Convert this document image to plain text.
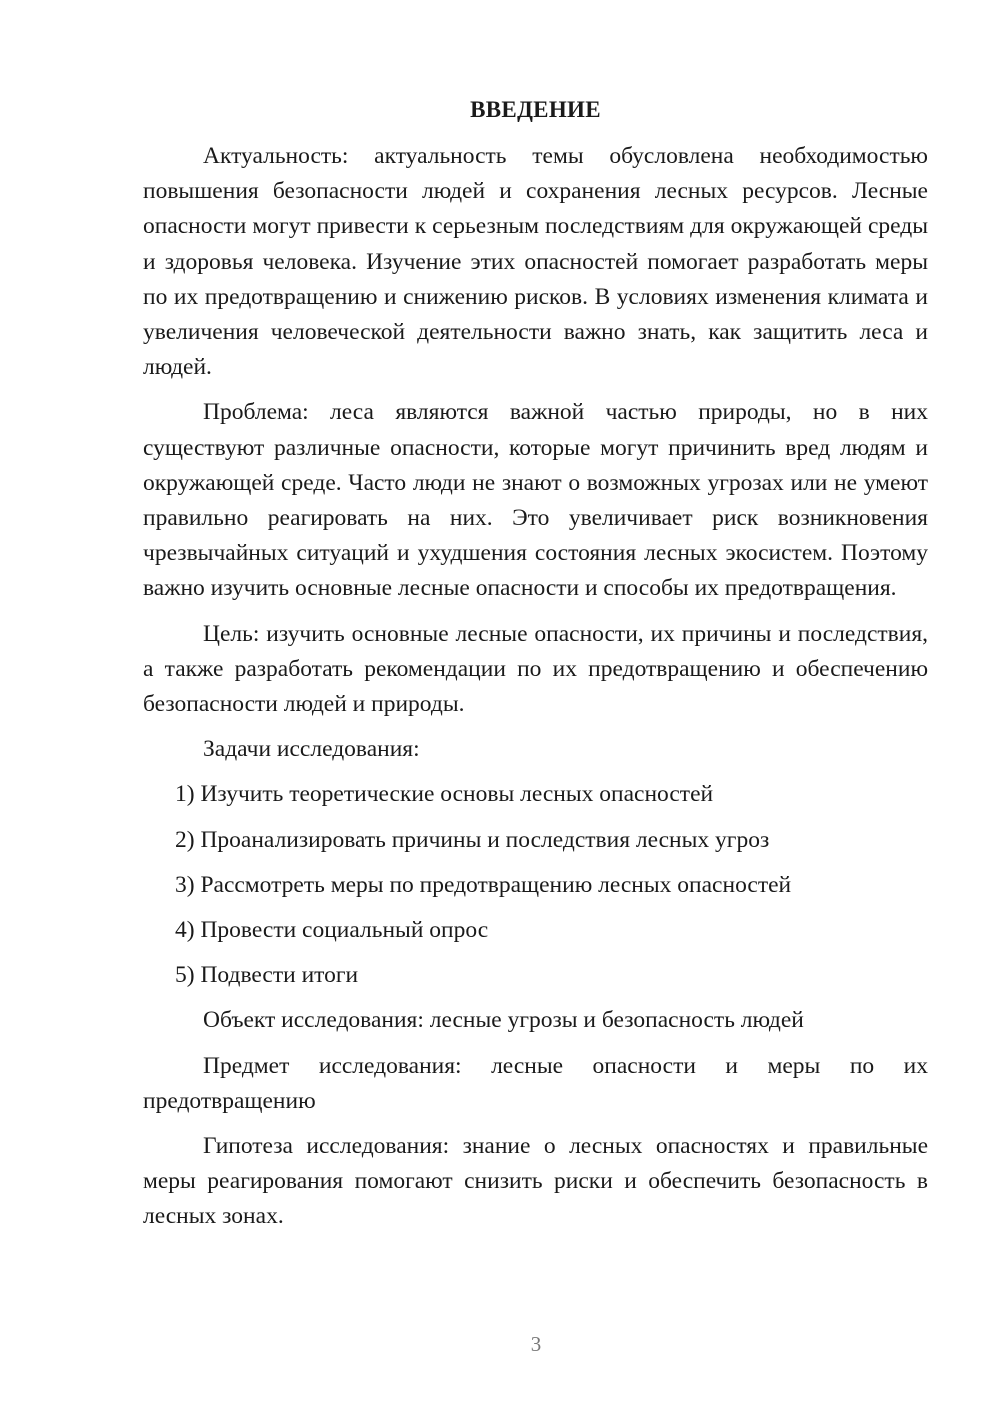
ВВЕДЕНИЕ

Актуальность: актуальность темы обусловлена необходимостью повышения безопасности людей и сохранения лесных ресурсов. Лесные опасности могут привести к серьезным последствиям для окружающей среды и здоровья человека. Изучение этих опасностей помогает разработать меры по их предотвращению и снижению рисков. В условиях изменения климата и увеличения человеческой деятельности важно знать, как защитить леса и людей.

Проблема: леса являются важной частью природы, но в них существуют различные опасности, которые могут причинить вред людям и окружающей среде. Часто люди не знают о возможных угрозах или не умеют правильно реагировать на них. Это увеличивает риск возникновения чрезвычайных ситуаций и ухудшения состояния лесных экосистем. Поэтому важно изучить основные лесные опасности и способы их предотвращения.

Цель: изучить основные лесные опасности, их причины и последствия, а также разработать рекомендации по их предотвращению и обеспечению безопасности людей и природы.

Задачи исследования:

1) Изучить теоретические основы лесных опасностей
2) Проанализировать причины и последствия лесных угроз
3) Рассмотреть меры по предотвращению лесных опасностей
4) Провести социальный опрос
5) Подвести итоги

Объект исследования: лесные угрозы и безопасность людей

Предмет исследования: лесные опасности и меры по их предотвращению

Гипотеза исследования: знание о лесных опасностях и правильные меры реагирования помогают снизить риски и обеспечить безопасность в лесных зонах.

3
